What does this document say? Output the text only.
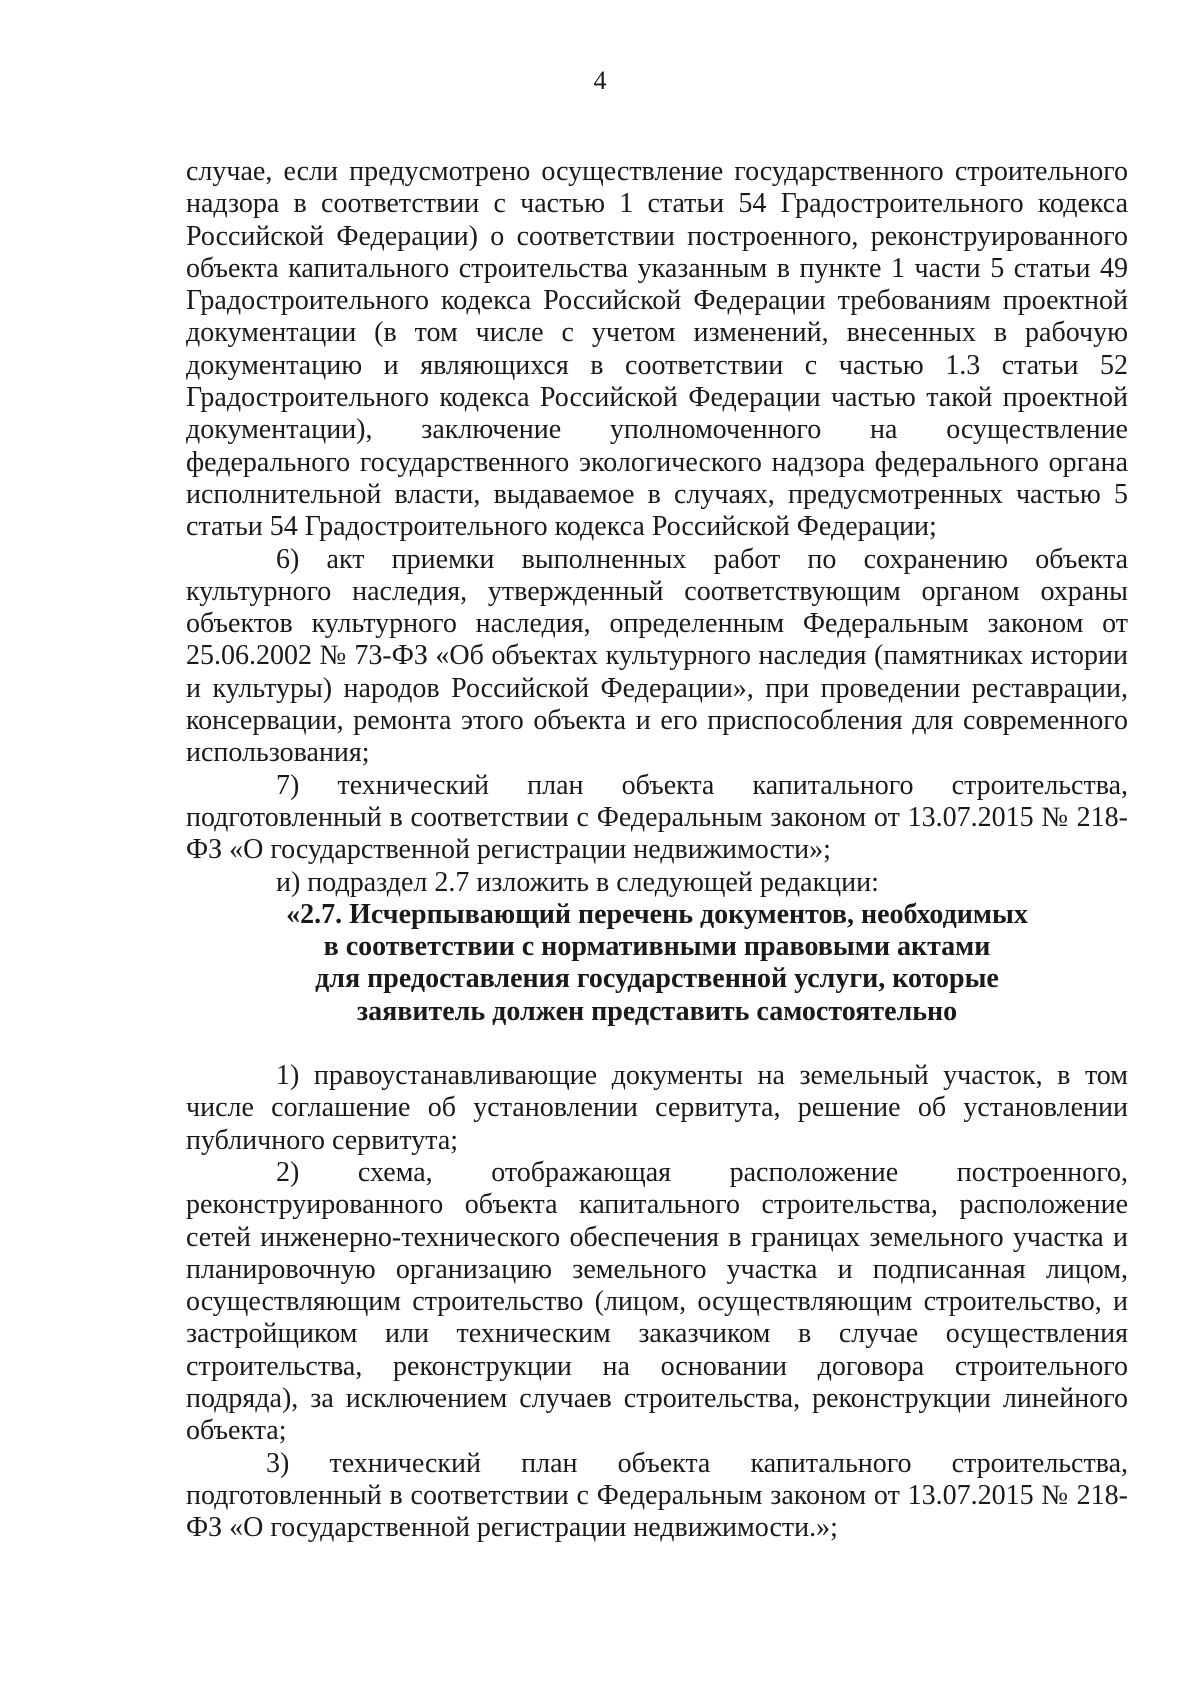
4

случае, если предусмотрено осуществление государственного строительного надзора в соответствии с частью 1 статьи 54 Градостроительного кодекса Российской Федерации) о соответствии построенного, реконструированного объекта капитального строительства указанным в пункте 1 части 5 статьи 49 Градостроительного кодекса Российской Федерации требованиям проектной документации (в том числе с учетом изменений, внесенных в рабочую документацию и являющихся в соответствии с частью 1.3 статьи 52 Градостроительного кодекса Российской Федерации частью такой проектной документации), заключение уполномоченного на осуществление федерального государственного экологического надзора федерального органа исполнительной власти, выдаваемое в случаях, предусмотренных частью 5 статьи 54 Градостроительного кодекса Российской Федерации;

6) акт приемки выполненных работ по сохранению объекта культурного наследия, утвержденный соответствующим органом охраны объектов культурного наследия, определенным Федеральным законом от 25.06.2002 № 73-ФЗ «Об объектах культурного наследия (памятниках истории и культуры) народов Российской Федерации», при проведении реставрации, консервации, ремонта этого объекта и его приспособления для современного использования;

7) технический план объекта капитального строительства, подготовленный в соответствии с Федеральным законом от 13.07.2015 № 218-ФЗ «О государственной регистрации недвижимости»;

и) подраздел 2.7 изложить в следующей редакции:

«2.7. Исчерпывающий перечень документов, необходимых
в соответствии с нормативными правовыми актами
для предоставления государственной услуги, которые
заявитель должен представить самостоятельно

1) правоустанавливающие документы на земельный участок, в том числе соглашение об установлении сервитута, решение об установлении публичного сервитута;

2) схема, отображающая расположение построенного, реконструированного объекта капитального строительства, расположение сетей инженерно-технического обеспечения в границах земельного участка и планировочную организацию земельного участка и подписанная лицом, осуществляющим строительство (лицом, осуществляющим строительство, и застройщиком или техническим заказчиком в случае осуществления строительства, реконструкции на основании договора строительного подряда), за исключением случаев строительства, реконструкции линейного объекта;

3) технический план объекта капитального строительства, подготовленный в соответствии с Федеральным законом от 13.07.2015 № 218-ФЗ «О государственной регистрации недвижимости.»;
